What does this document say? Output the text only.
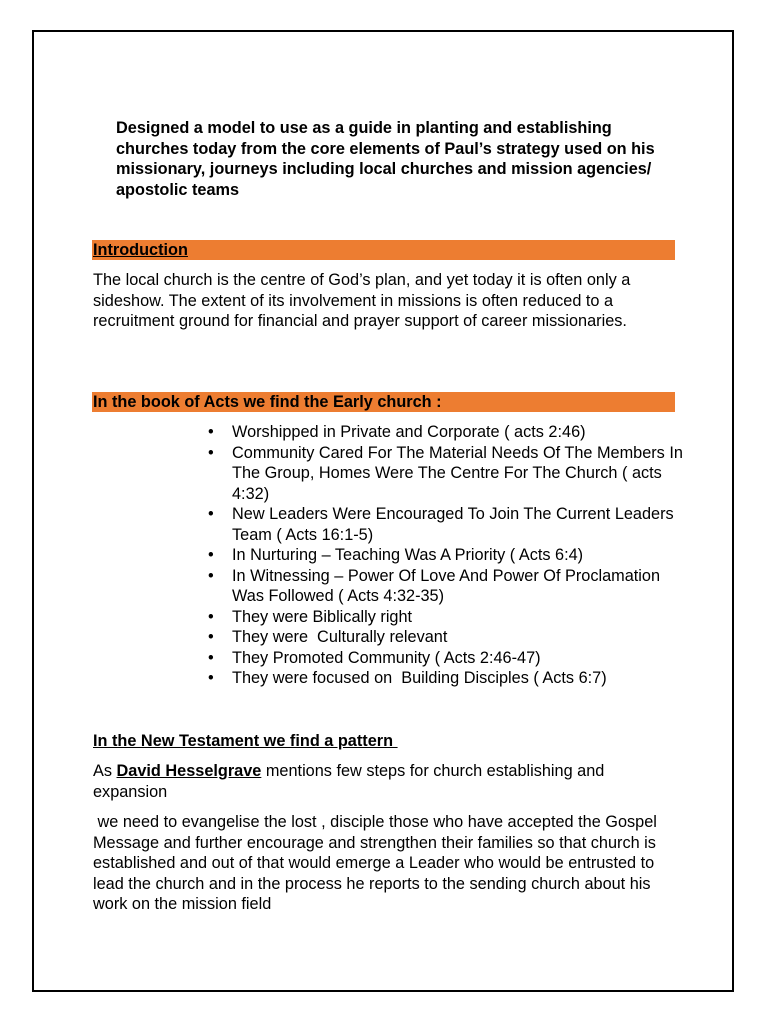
Designed a model to use as a guide in planting and establishing churches today from the core elements of Paul’s strategy used on his missionary, journeys including local churches and mission agencies/ apostolic teams

Introduction

The local church is the centre of God’s plan, and yet today it is often only a sideshow. The extent of its involvement in missions is often reduced to a recruitment ground for financial and prayer support of career missionaries.

In the book of Acts we find the Early church :
• Worshipped in Private and Corporate ( acts 2:46)
• Community Cared For The Material Needs Of The Members In The Group, Homes Were The Centre For The Church ( acts 4:32)
• New Leaders Were Encouraged To Join The Current Leaders Team ( Acts 16:1-5)
• In Nurturing – Teaching Was A Priority ( Acts 6:4)
• In Witnessing – Power Of Love And Power Of Proclamation Was Followed ( Acts 4:32-35)
• They were Biblically right
• They were  Culturally relevant
• They Promoted Community ( Acts 2:46-47)
• They were focused on  Building Disciples ( Acts 6:7)

In the New Testament we find a pattern

As David Hesselgrave mentions few steps for church establishing and expansion

we need to evangelise the lost , disciple those who have accepted the Gospel Message and further encourage and strengthen their families so that church is established and out of that would emerge a Leader who would be entrusted to lead the church and in the process he reports to the sending church about his work on the mission field
